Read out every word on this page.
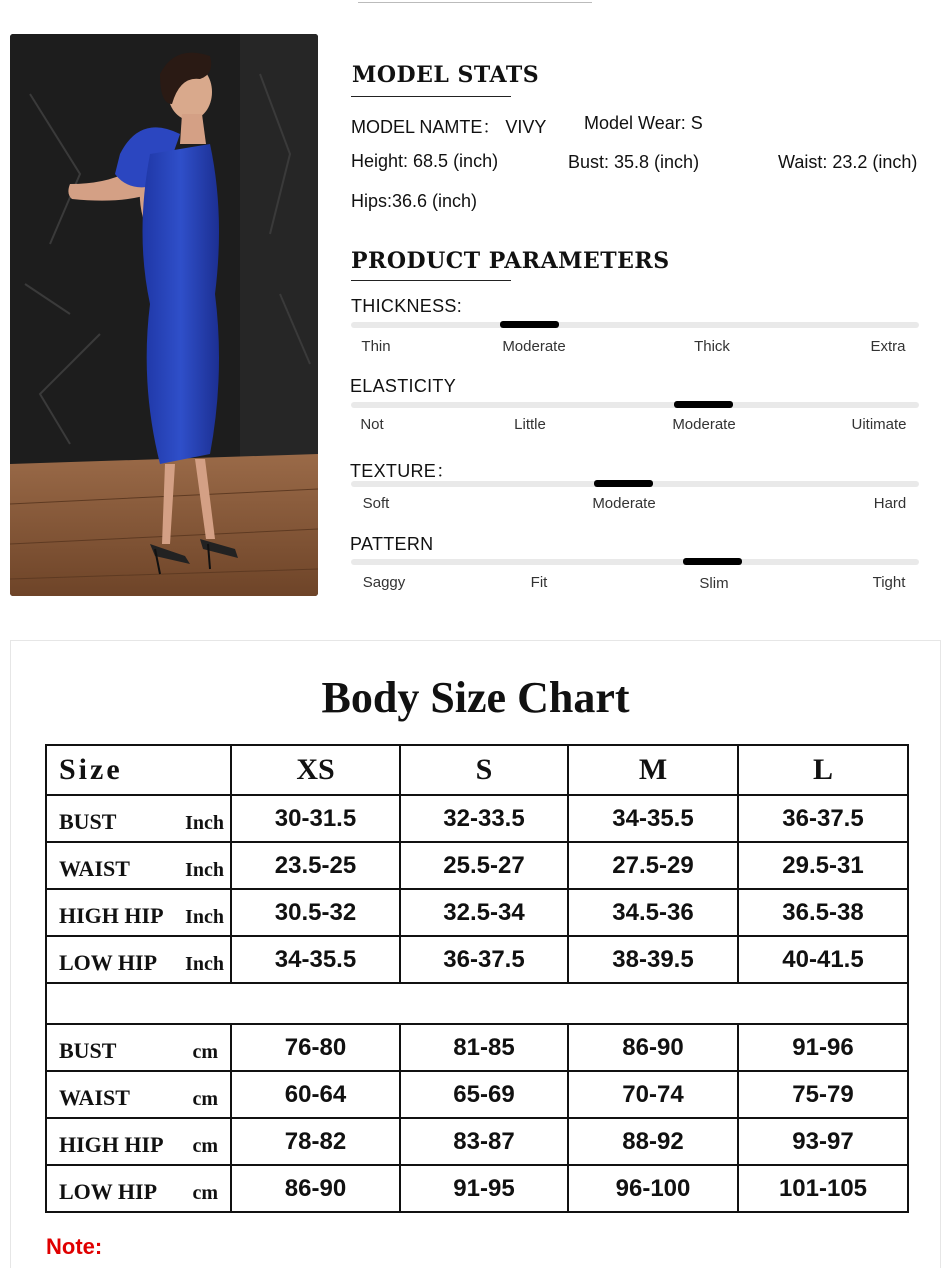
MODEL STATS
MODEL NAMTE： VIVY Model Wear: S
Height: 68.5 (inch)	Bust: 35.8 (inch)	Waist: 23.2 (inch)
Hips:36.6 (inch)
PRODUCT PARAMETERS
THICKNESS:
Thin	Moderate	Thick	Extra
ELASTICITY
Not	Little	Moderate	Uitimate
TEXTURE：
Soft	Moderate	Hard
PATTERN
Saggy	Fit	Slim	Tight
Body Size Chart
Size	XS	S	M	L

BUST Inch	30-31.5	32-33.5	34-35.5	36-37.5

WAIST Inch	23.5-25	25.5-27	27.5-29	29.5-31

HIGH HIP Inch	30.5-32	32.5-34	34.5-36	36.5-38

LOW HIP Inch	34-35.5	36-37.5	38-39.5	40-41.5

BUST cm	76-80	81-85	86-90	91-96

WAIST cm	60-64	65-69	70-74	75-79

HIGH HIP cm	78-82	83-87	88-92	93-97

LOW HIP cm	86-90	91-95	96-100	101-105
Note:
